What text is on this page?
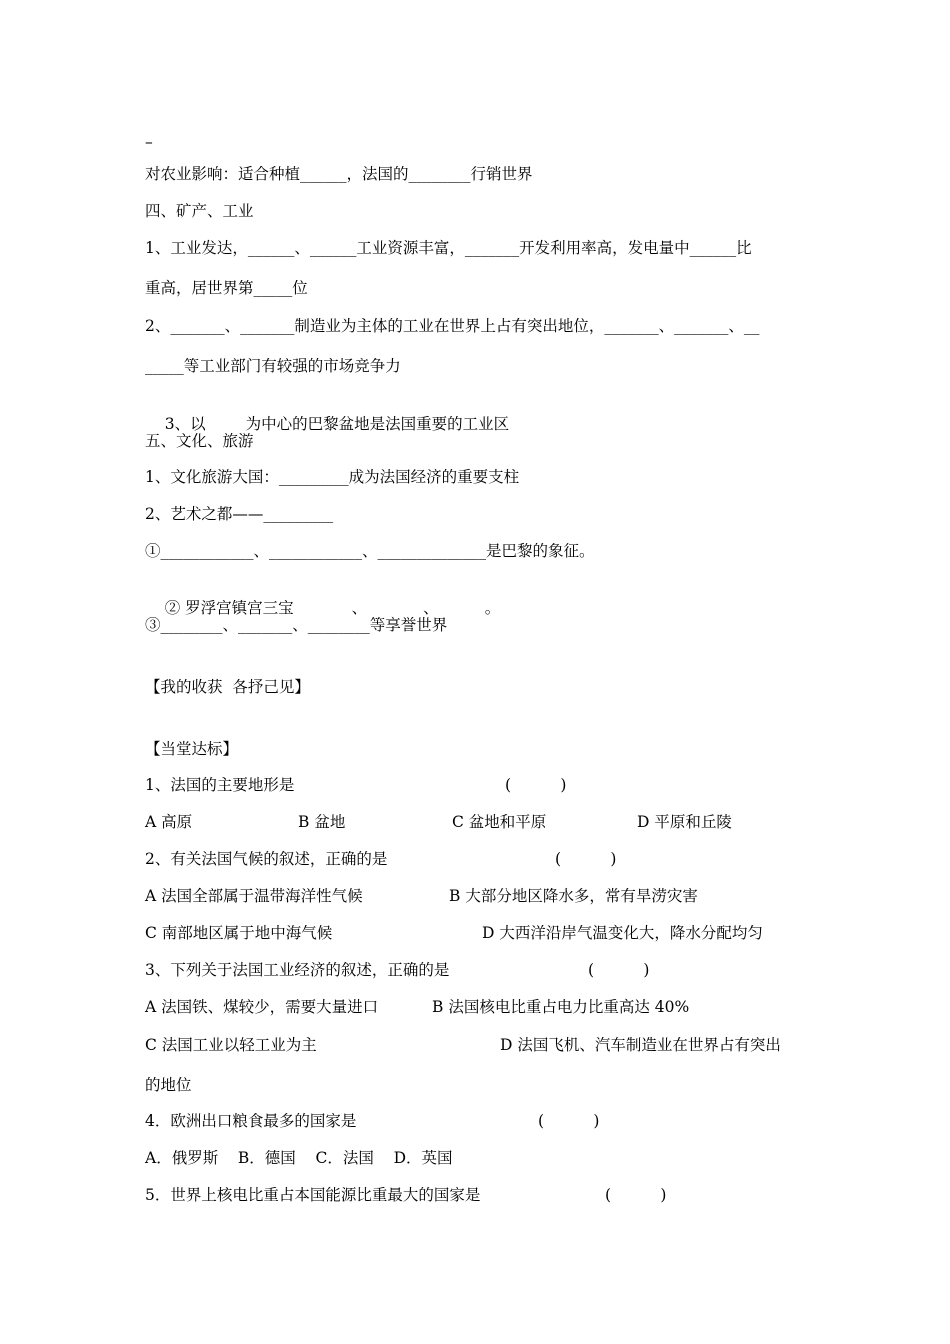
–
对农业影响：适合种植______，法国的________行销世界
四、矿产、工业
1、工业发达，______、______工业资源丰富，_______开发利用率高，发电量中______比
重高，居世界第_____位
2、_______、_______制造业为主体的工业在世界上占有突出地位，_______、_______、__
_____等工业部门有较强的市场竞争力

3、以	为中心的巴黎盆地是法国重要的工业区

五、文化、旅游
1、文化旅游大国：_________成为法国经济的重要支柱
2、艺术之都——_________
①____________、____________、______________是巴黎的象征。

② 罗浮宫镇宫三宝	、	、	。

③________、_______、________等享誉世界
【我的收获  各抒己见】
【当堂达标】
1、法国的主要地形是	(          )
A 高原	B 盆地	C 盆地和平原	D 平原和丘陵
2、有关法国气候的叙述，正确的是	(          )
A 法国全部属于温带海洋性气候	B 大部分地区降水多，常有旱涝灾害
C 南部地区属于地中海气候	D 大西洋沿岸气温变化大，降水分配均匀
3、下列关于法国工业经济的叙述，正确的是	(          )
A 法国铁、煤较少，需要大量进口	B 法国核电比重占电力比重高达 40%
C 法国工业以轻工业为主	D 法国飞机、汽车制造业在世界占有突出
的地位
4．欧洲出口粮食最多的国家是	(          )
A．俄罗斯    B．德国    C．法国    D．英国
5．世界上核电比重占本国能源比重最大的国家是	(          )
